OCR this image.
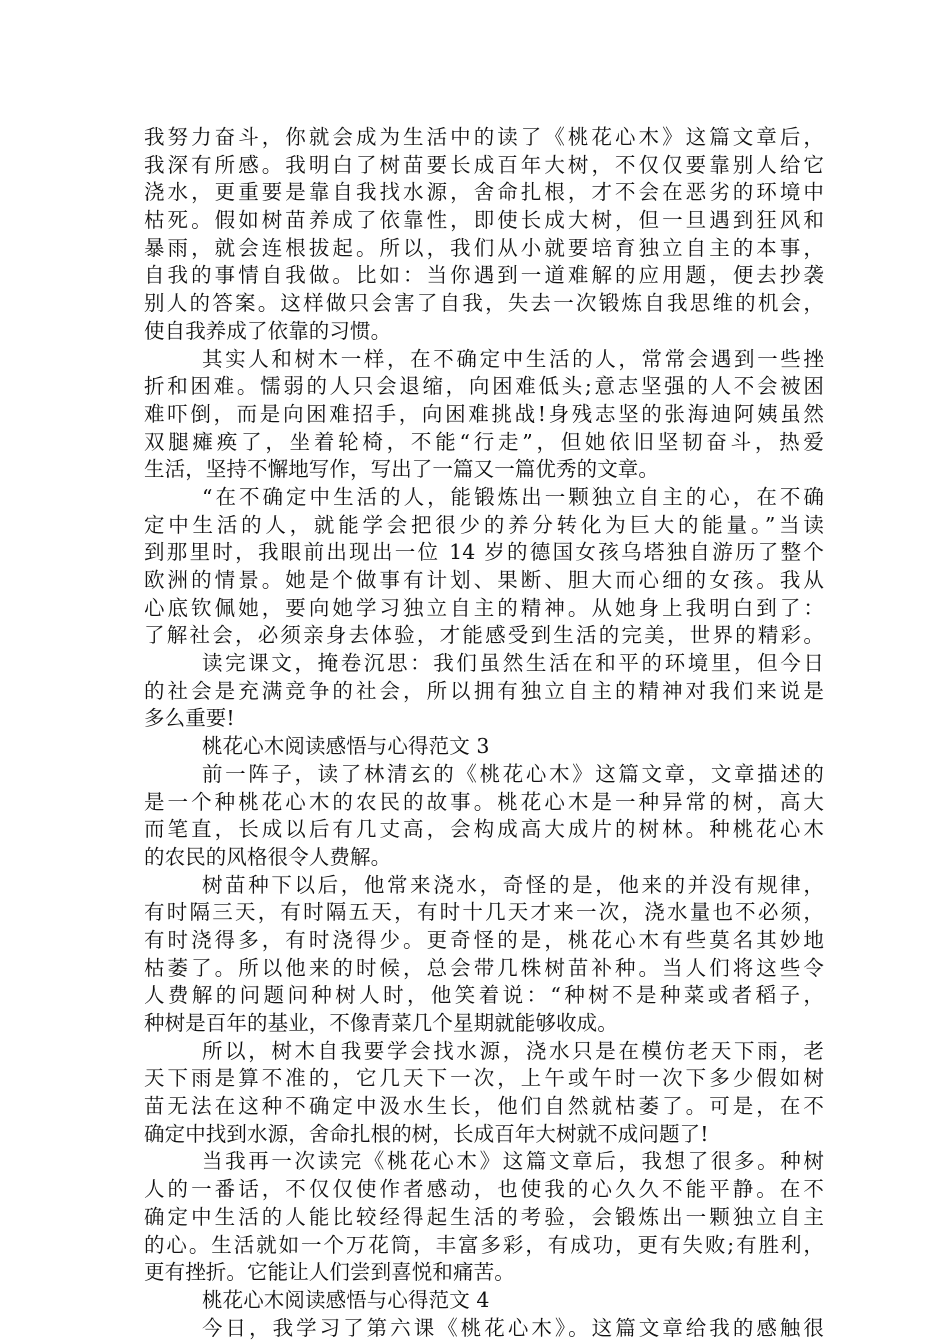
我努力奋斗，你就会成为生活中的读了《桃花心木》这篇文章后，
我深有所感。我明白了树苗要长成百年大树，不仅仅要靠别人给它
浇水，更重要是靠自我找水源，舍命扎根，才不会在恶劣的环境中
枯死。假如树苗养成了依靠性，即使长成大树，但一旦遇到狂风和
暴雨，就会连根拔起。所以，我们从小就要培育独立自主的本事，
自我的事情自我做。比如：当你遇到一道难解的应用题，便去抄袭
别人的答案。这样做只会害了自我，失去一次锻炼自我思维的机会，
使自我养成了依靠的习惯。
其实人和树木一样，在不确定中生活的人，常常会遇到一些挫
折和困难。懦弱的人只会退缩，向困难低头;意志坚强的人不会被困
难吓倒，而是向困难招手，向困难挑战!身残志坚的张海迪阿姨虽然
双腿瘫痪了，坐着轮椅，不能“行走”，但她依旧坚韧奋斗，热爱
生活，坚持不懈地写作，写出了一篇又一篇优秀的文章。
“在不确定中生活的人，能锻炼出一颗独立自主的心，在不确
定中生活的人，就能学会把很少的养分转化为巨大的能量。”当读
到那里时，我眼前出现出一位 14 岁的德国女孩乌塔独自游历了整个
欧洲的情景。她是个做事有计划、果断、胆大而心细的女孩。我从
心底钦佩她，要向她学习独立自主的精神。从她身上我明白到了：
了解社会，必须亲身去体验，才能感受到生活的完美，世界的精彩。
读完课文，掩卷沉思：我们虽然生活在和平的环境里，但今日
的社会是充满竞争的社会，所以拥有独立自主的精神对我们来说是
多么重要!
桃花心木阅读感悟与心得范文 3
前一阵子，读了林清玄的《桃花心木》这篇文章，文章描述的
是一个种桃花心木的农民的故事。桃花心木是一种异常的树，高大
而笔直，长成以后有几丈高，会构成高大成片的树林。种桃花心木
的农民的风格很令人费解。
树苗种下以后，他常来浇水，奇怪的是，他来的并没有规律，
有时隔三天，有时隔五天，有时十几天才来一次，浇水量也不必须，
有时浇得多，有时浇得少。更奇怪的是，桃花心木有些莫名其妙地
枯萎了。所以他来的时候，总会带几株树苗补种。当人们将这些令
人费解的问题问种树人时，他笑着说：“种树不是种菜或者稻子，
种树是百年的基业，不像青菜几个星期就能够收成。
所以，树木自我要学会找水源，浇水只是在模仿老天下雨，老
天下雨是算不准的，它几天下一次，上午或午时一次下多少假如树
苗无法在这种不确定中汲水生长，他们自然就枯萎了。可是，在不
确定中找到水源，舍命扎根的树，长成百年大树就不成问题了!
当我再一次读完《桃花心木》这篇文章后，我想了很多。种树
人的一番话，不仅仅使作者感动，也使我的心久久不能平静。在不
确定中生活的人能比较经得起生活的考验，会锻炼出一颗独立自主
的心。生活就如一个万花筒，丰富多彩，有成功，更有失败;有胜利，
更有挫折。它能让人们尝到喜悦和痛苦。
桃花心木阅读感悟与心得范文 4
今日，我学习了第六课《桃花心木》。这篇文章给我的感触很
